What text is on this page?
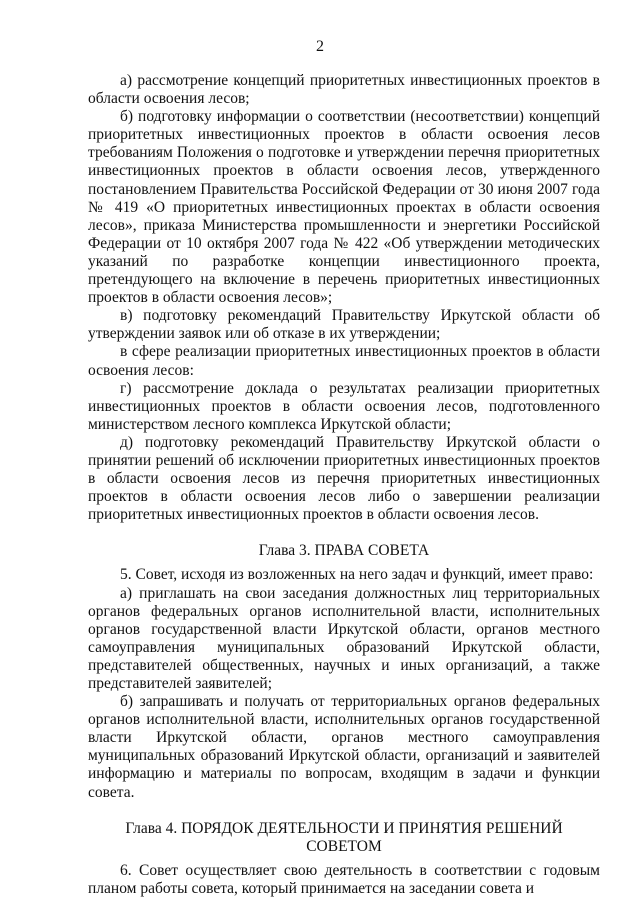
2

а) рассмотрение концепций приоритетных инвестиционных проектов в области освоения лесов;

б) подготовку информации о соответствии (несоответствии) концепций приоритетных инвестиционных проектов в области освоения лесов требованиям Положения о подготовке и утверждении перечня приоритетных инвестиционных проектов в области освоения лесов, утвержденного постановлением Правительства Российской Федерации от 30 июня 2007 года № 419 «О приоритетных инвестиционных проектах в области освоения лесов», приказа Министерства промышленности и энергетики Российской Федерации от 10 октября 2007 года № 422 «Об утверждении методических указаний по разработке концепции инвестиционного проекта, претендующего на включение в перечень приоритетных инвестиционных проектов в области освоения лесов»;

в) подготовку рекомендаций Правительству Иркутской области об утверждении заявок или об отказе в их утверждении;

в сфере реализации приоритетных инвестиционных проектов в области освоения лесов:

г) рассмотрение доклада о результатах реализации приоритетных инвестиционных проектов в области освоения лесов, подготовленного министерством лесного комплекса Иркутской области;

д) подготовку рекомендаций Правительству Иркутской области о принятии решений об исключении приоритетных инвестиционных проектов в области освоения лесов из перечня приоритетных инвестиционных проектов в области освоения лесов либо о завершении реализации приоритетных инвестиционных проектов в области освоения лесов.

Глава 3. ПРАВА СОВЕТА

5. Совет, исходя из возложенных на него задач и функций, имеет право:

а) приглашать на свои заседания должностных лиц территориальных органов федеральных органов исполнительной власти, исполнительных органов государственной власти Иркутской области, органов местного самоуправления муниципальных образований Иркутской области, представителей общественных, научных и иных организаций, а также представителей заявителей;

б) запрашивать и получать от территориальных органов федеральных органов исполнительной власти, исполнительных органов государственной власти Иркутской области, органов местного самоуправления муниципальных образований Иркутской области, организаций и заявителей информацию и материалы по вопросам, входящим в задачи и функции совета.

Глава 4. ПОРЯДОК ДЕЯТЕЛЬНОСТИ И ПРИНЯТИЯ РЕШЕНИЙ СОВЕТОМ

6. Совет осуществляет свою деятельность в соответствии с годовым планом работы совета, который принимается на заседании совета и
